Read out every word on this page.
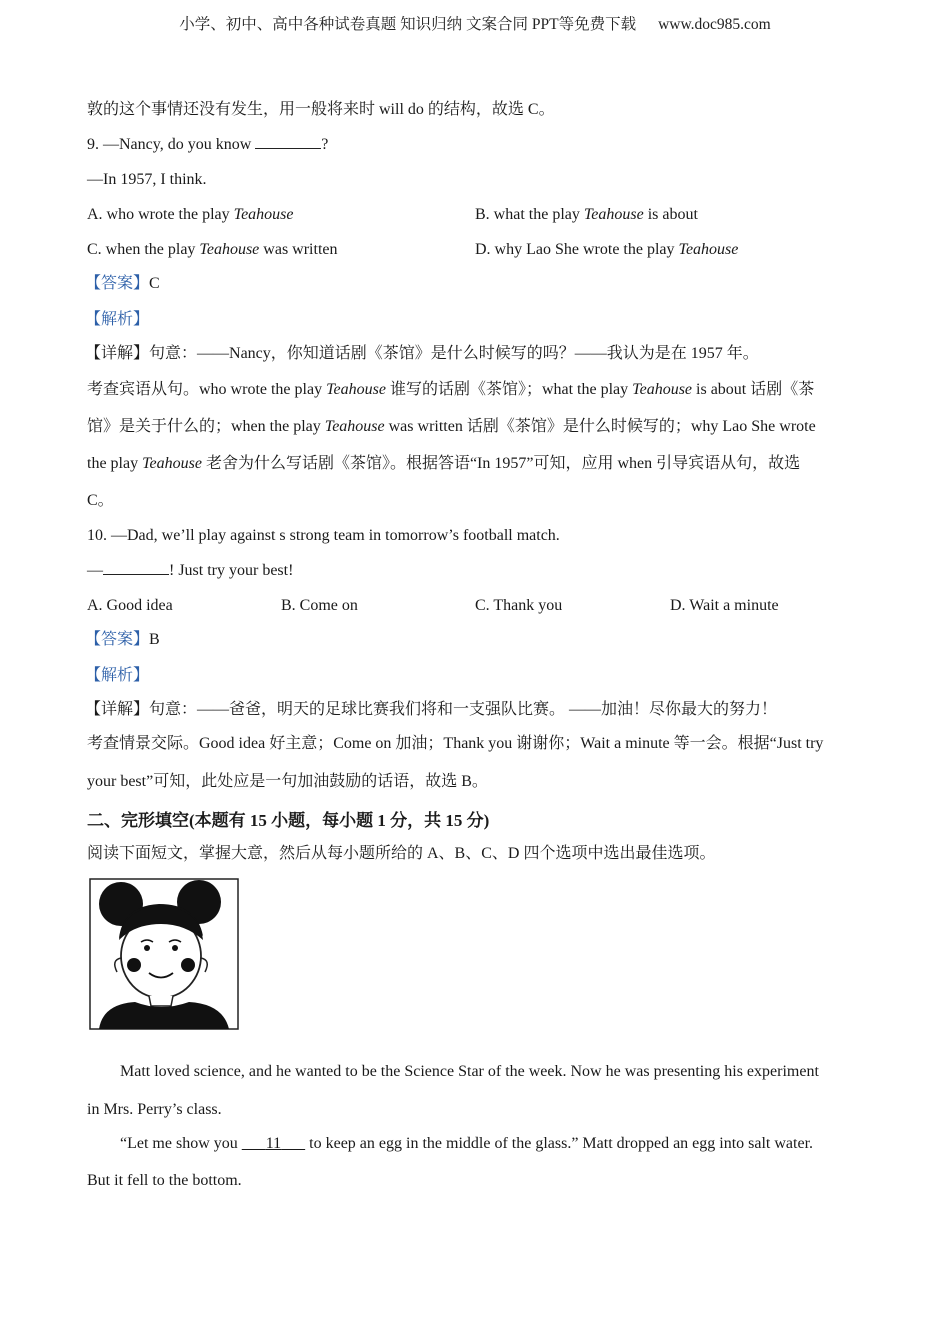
小学、初中、高中各种试卷真题 知识归纳 文案合同 PPT等免费下载 www.doc985.com
敦的这个事情还没有发生，用一般将来时 will do 的结构，故选 C。
9. —Nancy, do you know	?
—In 1957, I think.
A. who wrote the play Teahouse	B. what the play Teahouse is about
C. when the play Teahouse was written	D. why Lao She wrote the play Teahouse
【答案】C
【解析】
【详解】句意：——Nancy，你知道话剧《茶馆》是什么时候写的吗？——我认为是在 1957 年。
考查宾语从句。who wrote the play Teahouse 谁写的话剧《茶馆》；what the play Teahouse is about 话剧《茶
馆》是关于什么的；when the play Teahouse was written 话剧《茶馆》是什么时候写的；why Lao She wrote
the play Teahouse 老舍为什么写话剧《茶馆》。根据答语“In 1957”可知，应用 when 引导宾语从句，故选
C。
10. —Dad, we’ll play against s strong team in tomorrow’s football match.
—	! Just try your best!
A. Good idea	B. Come on	C. Thank you	D. Wait a minute
【答案】B
【解析】
【详解】句意：——爸爸，明天的足球比赛我们将和一支强队比赛。 ——加油！尽你最大的努力！
考查情景交际。Good idea 好主意；Come on 加油；Thank you 谢谢你；Wait a minute 等一会。根据“Just try
your best”可知，此处应是一句加油鼓励的话语，故选 B。
二、完形填空(本题有 15 小题，每小题 1 分，共 15 分)
阅读下面短文，掌握大意，然后从每小题所给的 A、B、C、D 四个选项中选出最佳选项。
Matt loved science, and he wanted to be the Science Star of the week. Now he was presenting his experiment
in Mrs. Perry’s class.
“Let me show you       11       to keep an egg in the middle of the glass.” Matt dropped an egg into salt water.
But it fell to the bottom.
